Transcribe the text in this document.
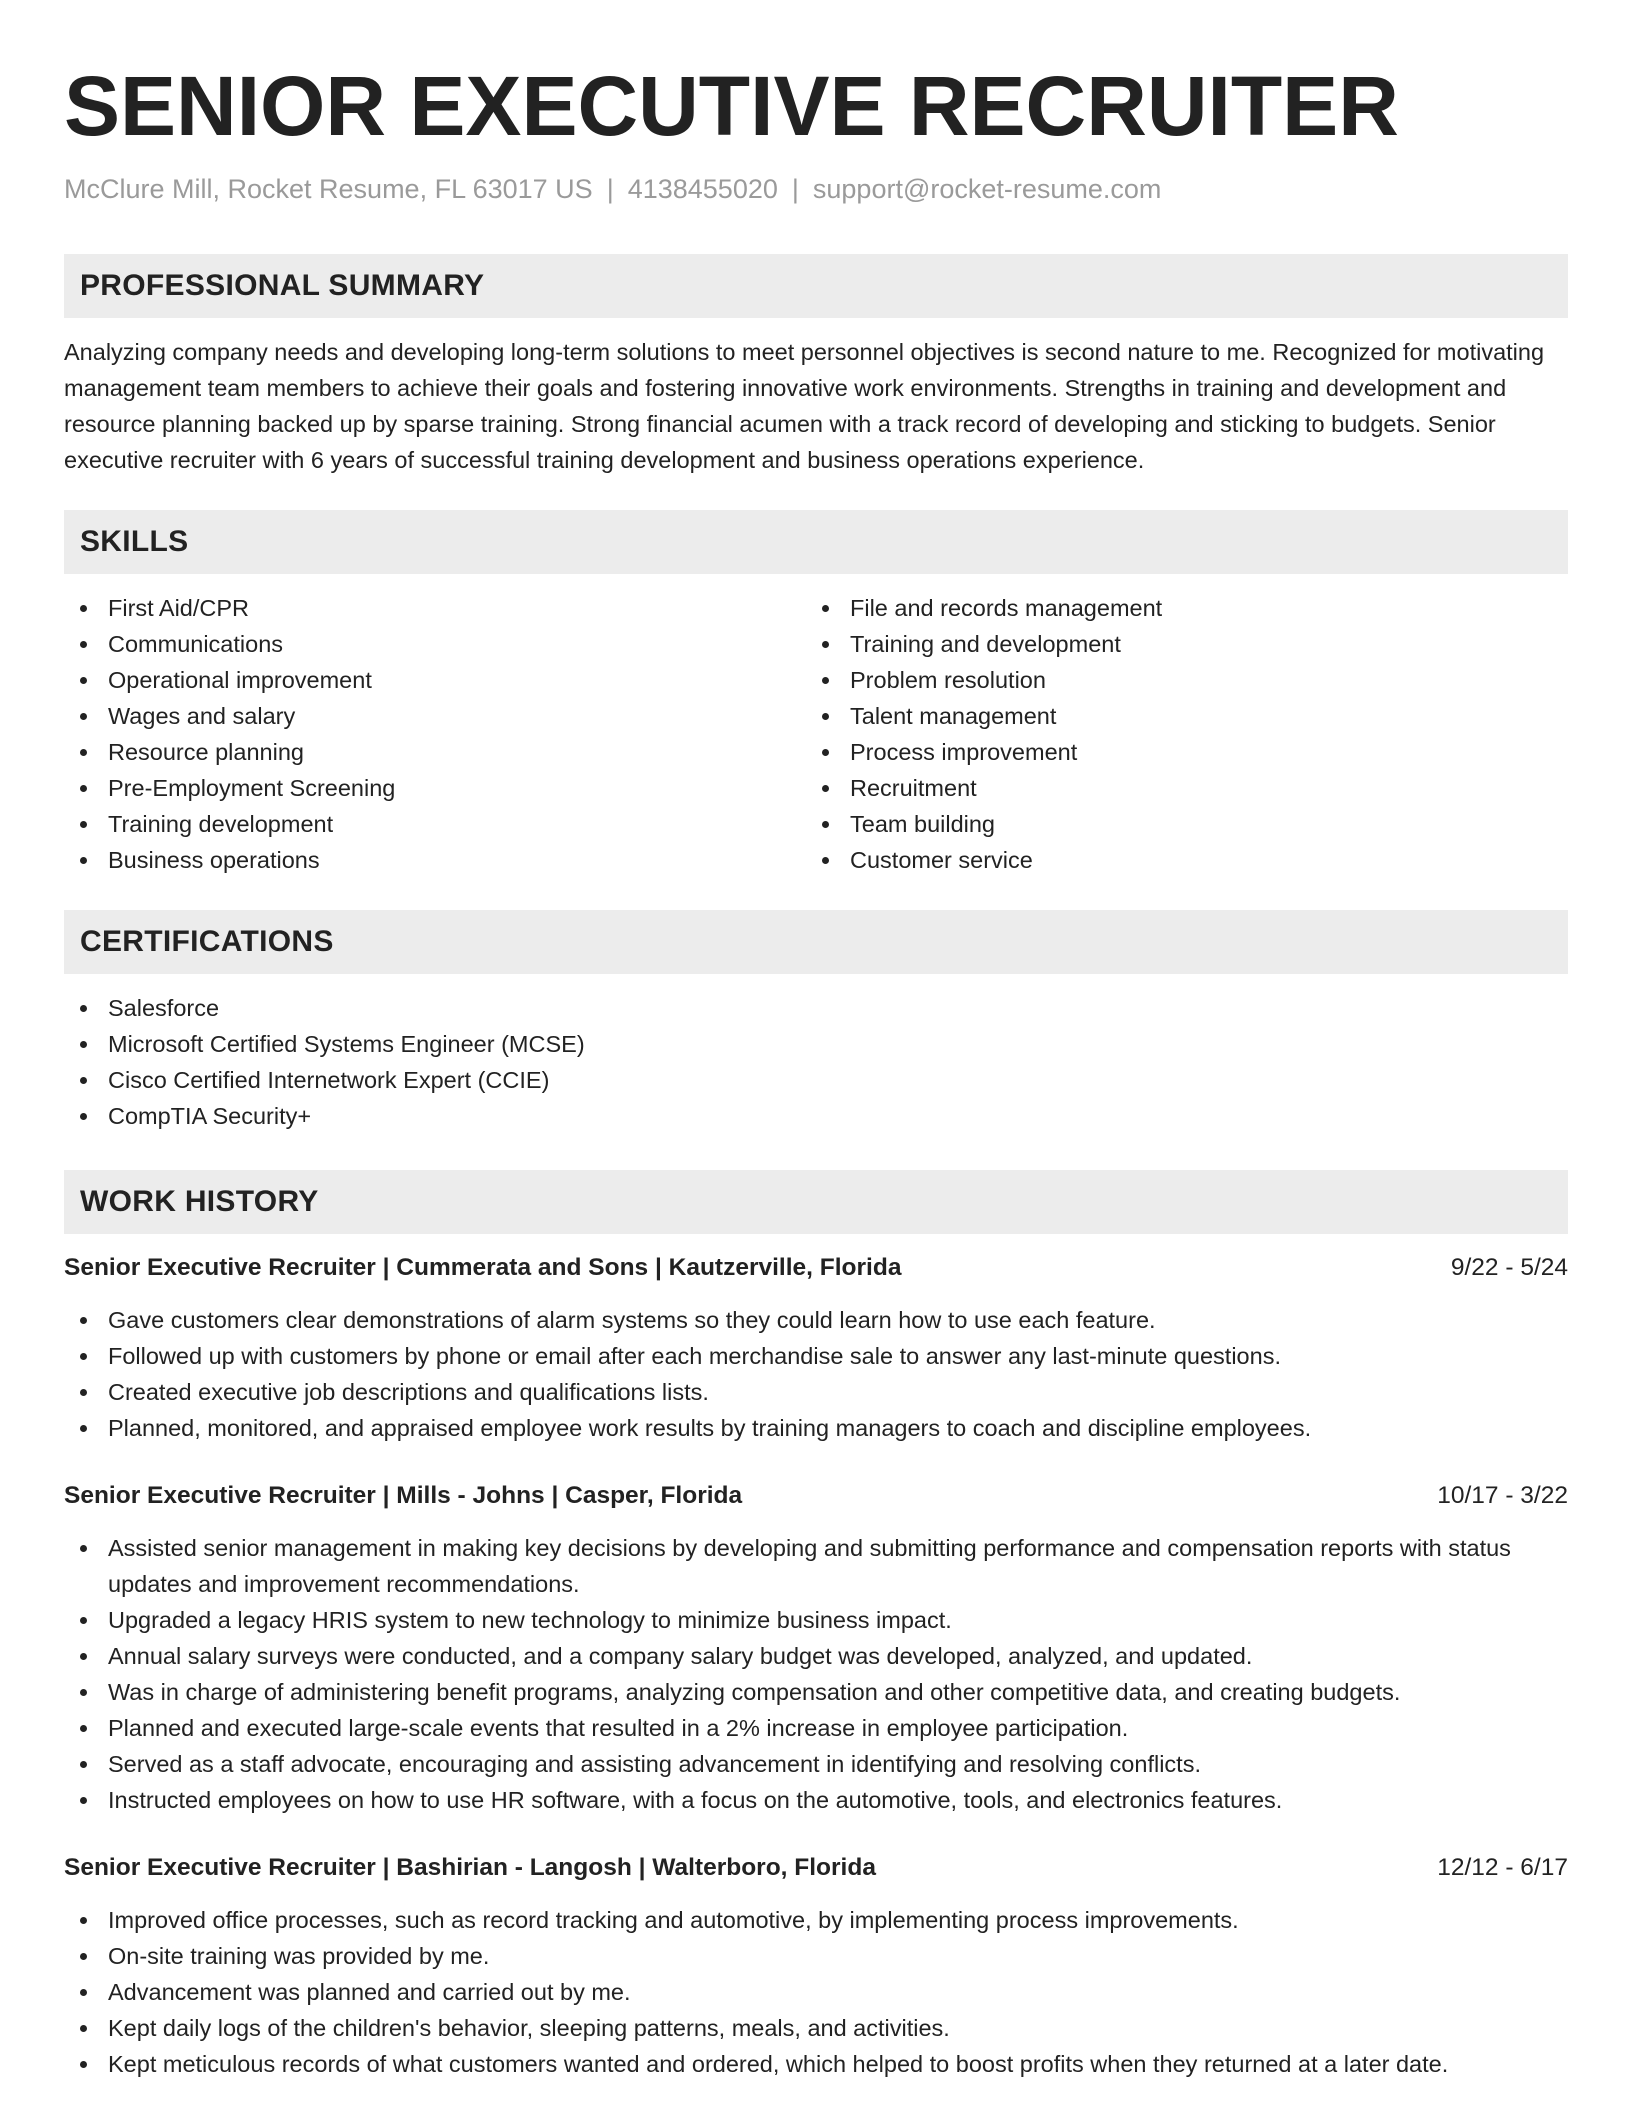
SENIOR EXECUTIVE RECRUITER
McClure Mill, Rocket Resume, FL 63017 US | 4138455020 | support@rocket-resume.com
PROFESSIONAL SUMMARY

Analyzing company needs and developing long-term solutions to meet personnel objectives is second nature to me. Recognized for motivating management team members to achieve their goals and fostering innovative work environments. Strengths in training and development and resource planning backed up by sparse training. Strong financial acumen with a track record of developing and sticking to budgets. Senior executive recruiter with 6 years of successful training development and business operations experience.

SKILLS
First Aid/CPR
Communications
Operational improvement
Wages and salary
Resource planning
Pre-Employment Screening
Training development
Business operations
File and records management
Training and development
Problem resolution
Talent management
Process improvement
Recruitment
Team building
Customer service
CERTIFICATIONS
Salesforce
Microsoft Certified Systems Engineer (MCSE)
Cisco Certified Internetwork Expert (CCIE)
CompTIA Security+
WORK HISTORY
Senior Executive Recruiter | Cummerata and Sons | Kautzerville, Florida	9/22 - 5/24
Gave customers clear demonstrations of alarm systems so they could learn how to use each feature.
Followed up with customers by phone or email after each merchandise sale to answer any last-minute questions.
Created executive job descriptions and qualifications lists.
Planned, monitored, and appraised employee work results by training managers to coach and discipline employees.
Senior Executive Recruiter | Mills - Johns | Casper, Florida	10/17 - 3/22
Assisted senior management in making key decisions by developing and submitting performance and compensation reports with status updates and improvement recommendations.
Upgraded a legacy HRIS system to new technology to minimize business impact.
Annual salary surveys were conducted, and a company salary budget was developed, analyzed, and updated.
Was in charge of administering benefit programs, analyzing compensation and other competitive data, and creating budgets.
Planned and executed large-scale events that resulted in a 2% increase in employee participation.
Served as a staff advocate, encouraging and assisting advancement in identifying and resolving conflicts.
Instructed employees on how to use HR software, with a focus on the automotive, tools, and electronics features.
Senior Executive Recruiter | Bashirian - Langosh | Walterboro, Florida	12/12 - 6/17
Improved office processes, such as record tracking and automotive, by implementing process improvements.
On-site training was provided by me.
Advancement was planned and carried out by me.
Kept daily logs of the children's behavior, sleeping patterns, meals, and activities.
Kept meticulous records of what customers wanted and ordered, which helped to boost profits when they returned at a later date.
